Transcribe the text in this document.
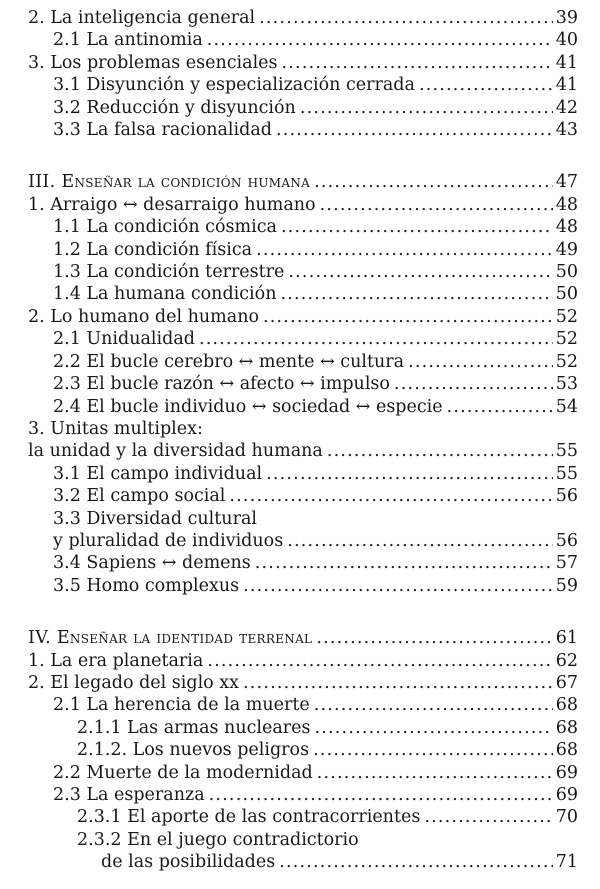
2. La inteligencia general .....	39
2.1 La antinomia .....	40
3. Los problemas esenciales .....	41
3.1 Disyunción y especialización cerrada .....	41
3.2 Reducción y disyunción .....	42
3.3 La falsa racionalidad .....	43
III. Enseñar la condición humana .....	47
1. Arraigo ↔ desarraigo humano .....	48
1.1 La condición cósmica .....	48
1.2 La condición física .....	49
1.3 La condición terrestre .....	50
1.4 La humana condición .....	50
2. Lo humano del humano .....	52
2.1 Unidualidad .....	52
2.2 El bucle cerebro ↔ mente ↔ cultura .....	52
2.3 El bucle razón ↔ afecto ↔ impulso .....	53
2.4 El bucle individuo ↔ sociedad ↔ especie .....	54
3. Unitas multiplex:
la unidad y la diversidad humana .....	55
3.1 El campo individual .....	55
3.2 El campo social .....	56
3.3 Diversidad cultural
y pluralidad de individuos .....	56
3.4 Sapiens ↔ demens .....	57
3.5 Homo complexus .....	59
IV. Enseñar la identidad terrenal .....	61
1. La era planetaria .....	62
2. El legado del siglo xx .....	67
2.1 La herencia de la muerte .....	68
2.1.1 Las armas nucleares .....	68
2.1.2. Los nuevos peligros .....	68
2.2 Muerte de la modernidad .....	69
2.3 La esperanza .....	69
2.3.1 El aporte de las contracorrientes .....	70
2.3.2 En el juego contradictorio
de las posibilidades .....	71
